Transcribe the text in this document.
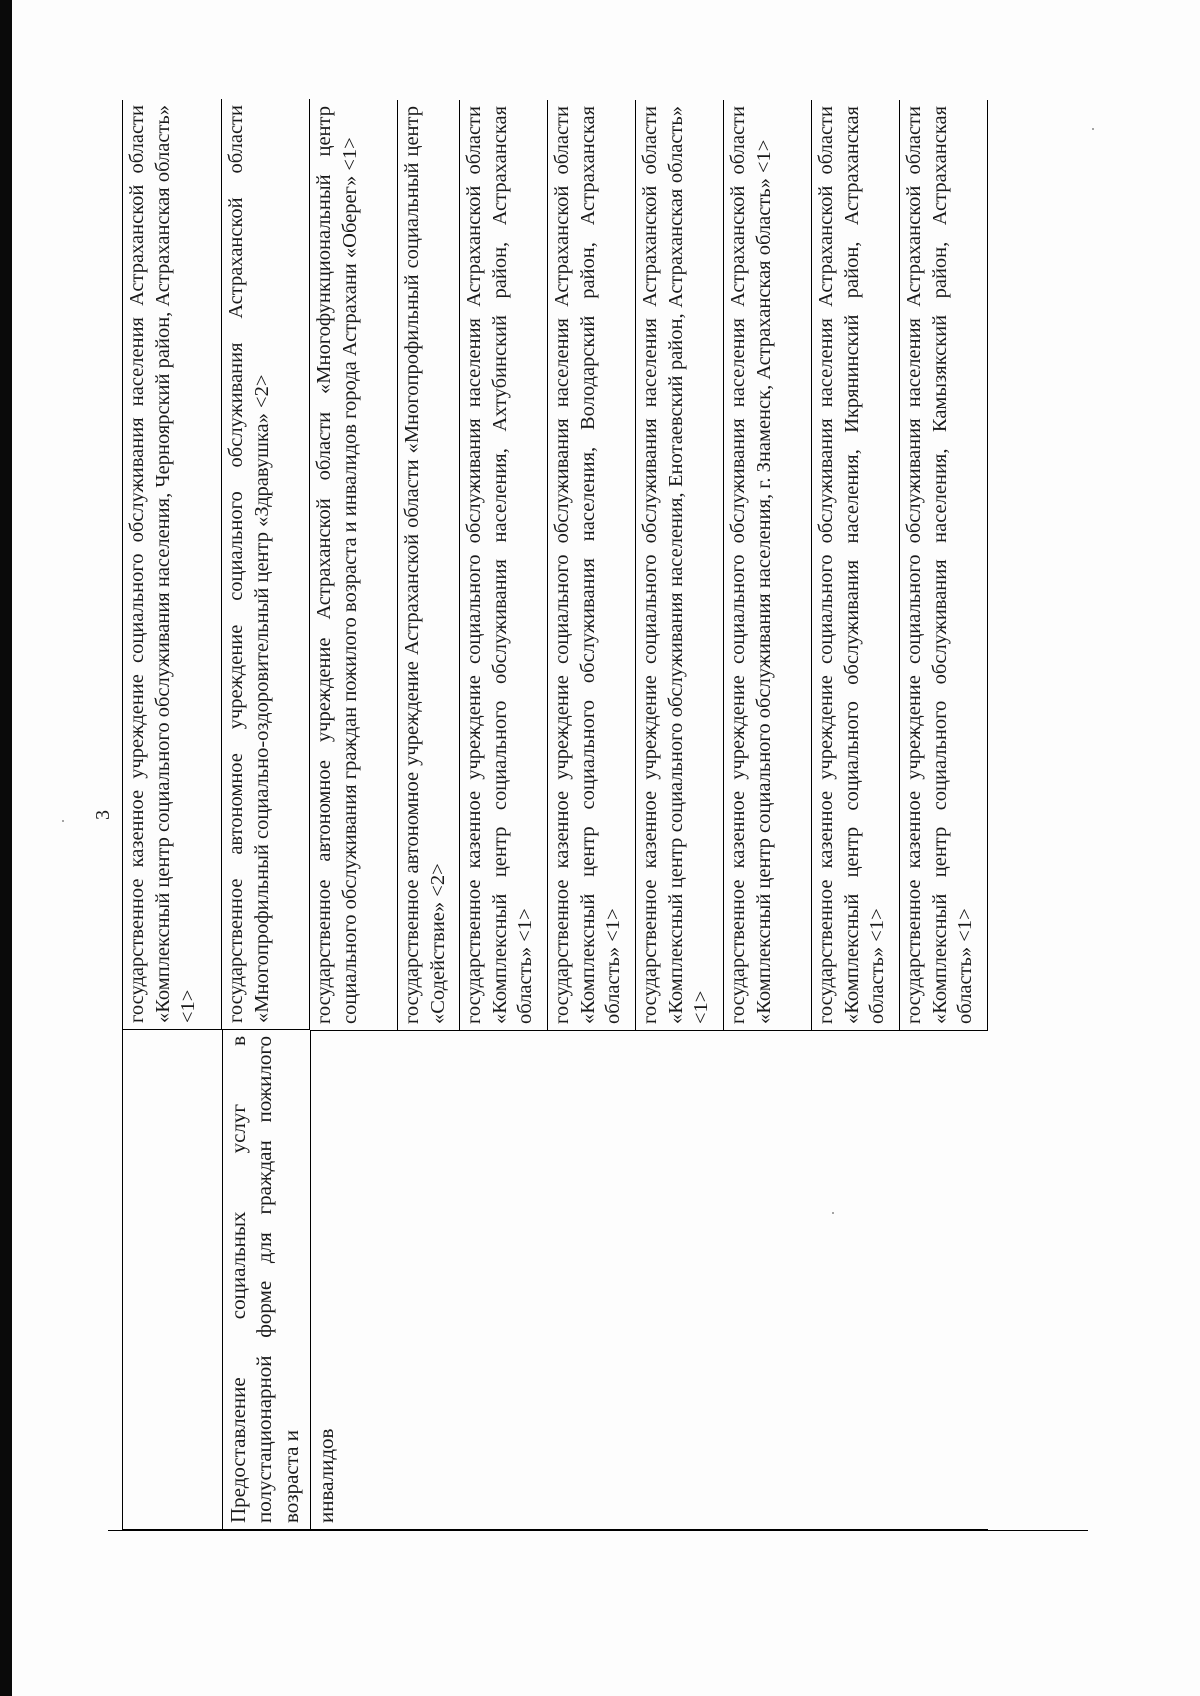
3 государственное казенное учреждение социального обслуживания населения Астраханской области «Комплексный центр социального обслуживания населения, Черноярский район, Астраханская область» <1>

Предоставление социальных услуг в полустационарной форме для граждан пожилого возраста и

государственное автономное учреждение социального обслуживания Астраханской области «Многопрофильный социально-оздоровительный центр «Здравушка» <2>

инвалидов

государственное автономное учреждение Астраханской области «Многофункциональный центр социального обслуживания граждан пожилого возраста и инвалидов города Астрахани «Оберег» <1> государственное автономное учреждение Астраханской области «Многопрофильный социальный центр «Содействие» <2> государственное казенное учреждение социального обслуживания населения Астраханской области «Комплексный центр социального обслуживания населения, Ахтубинский район, Астраханская область» <1> государственное казенное учреждение социального обслуживания населения Астраханской области «Комплексный центр социального обслуживания населения, Володарский район, Астраханская область» <1> государственное казенное учреждение социального обслуживания населения Астраханской области «Комплексный центр социального обслуживания населения, Енотаевский район, Астраханская область» <1> государственное казенное учреждение социального обслуживания населения Астраханской области «Комплексный центр социального обслуживания населения, г. Знаменск, Астраханская область» <1> государственное казенное учреждение социального обслуживания населения Астраханской области «Комплексный центр социального обслуживания населения, Икрянинский район, Астраханская область» <1> государственное казенное учреждение социального обслуживания населения Астраханской области «Комплексный центр социального обслуживания населения, Камызякский район, Астраханская область» <1>
